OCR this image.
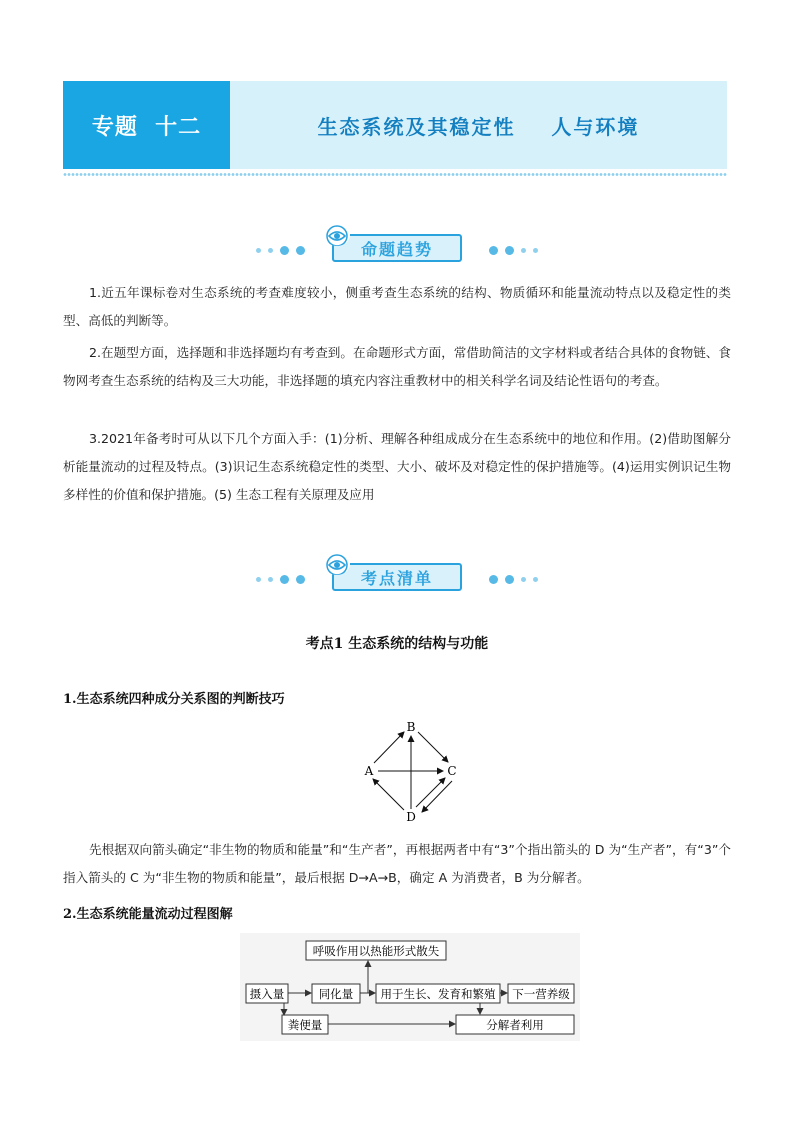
专题  十二	生态系统及其稳定性    人与环境
命题趋势
1.近五年课标卷对生态系统的考查难度较小，侧重考查生态系统的结构、物质循环和能量流动特点以及稳定性的类型、高低的判断等。
2.在题型方面，选择题和非选择题均有考查到。在命题形式方面，常借助简洁的文字材料或者结合具体的食物链、食物网考查生态系统的结构及三大功能，非选择题的填充内容注重教材中的相关科学名词及结论性语句的考查。
3.2021年备考时可从以下几个方面入手：(1)分析、理解各种组成成分在生态系统中的地位和作用。(2)借助图解分析能量流动的过程及特点。(3)识记生态系统稳定性的类型、大小、破坏及对稳定性的保护措施等。(4)运用实例识记生物多样性的价值和保护措施。(5) 生态工程有关原理及应用
考点清单
考点1 生态系统的结构与功能
1.生态系统四种成分关系图的判断技巧
B
A	C
D
先根据双向箭头确定“非生物的物质和能量”和“生产者”，再根据两者中有“3”个指出箭头的 D 为“生产者”，有“3”个指入箭头的 C 为“非生物的物质和能量”，最后根据 D→A→B，确定 A 为消费者，B 为分解者。
2.生态系统能量流动过程图解
呼吸作用以热能形式散失
摄入量	同化量 用于生长、发育和繁殖 下一营养级
粪便量	分解者利用
